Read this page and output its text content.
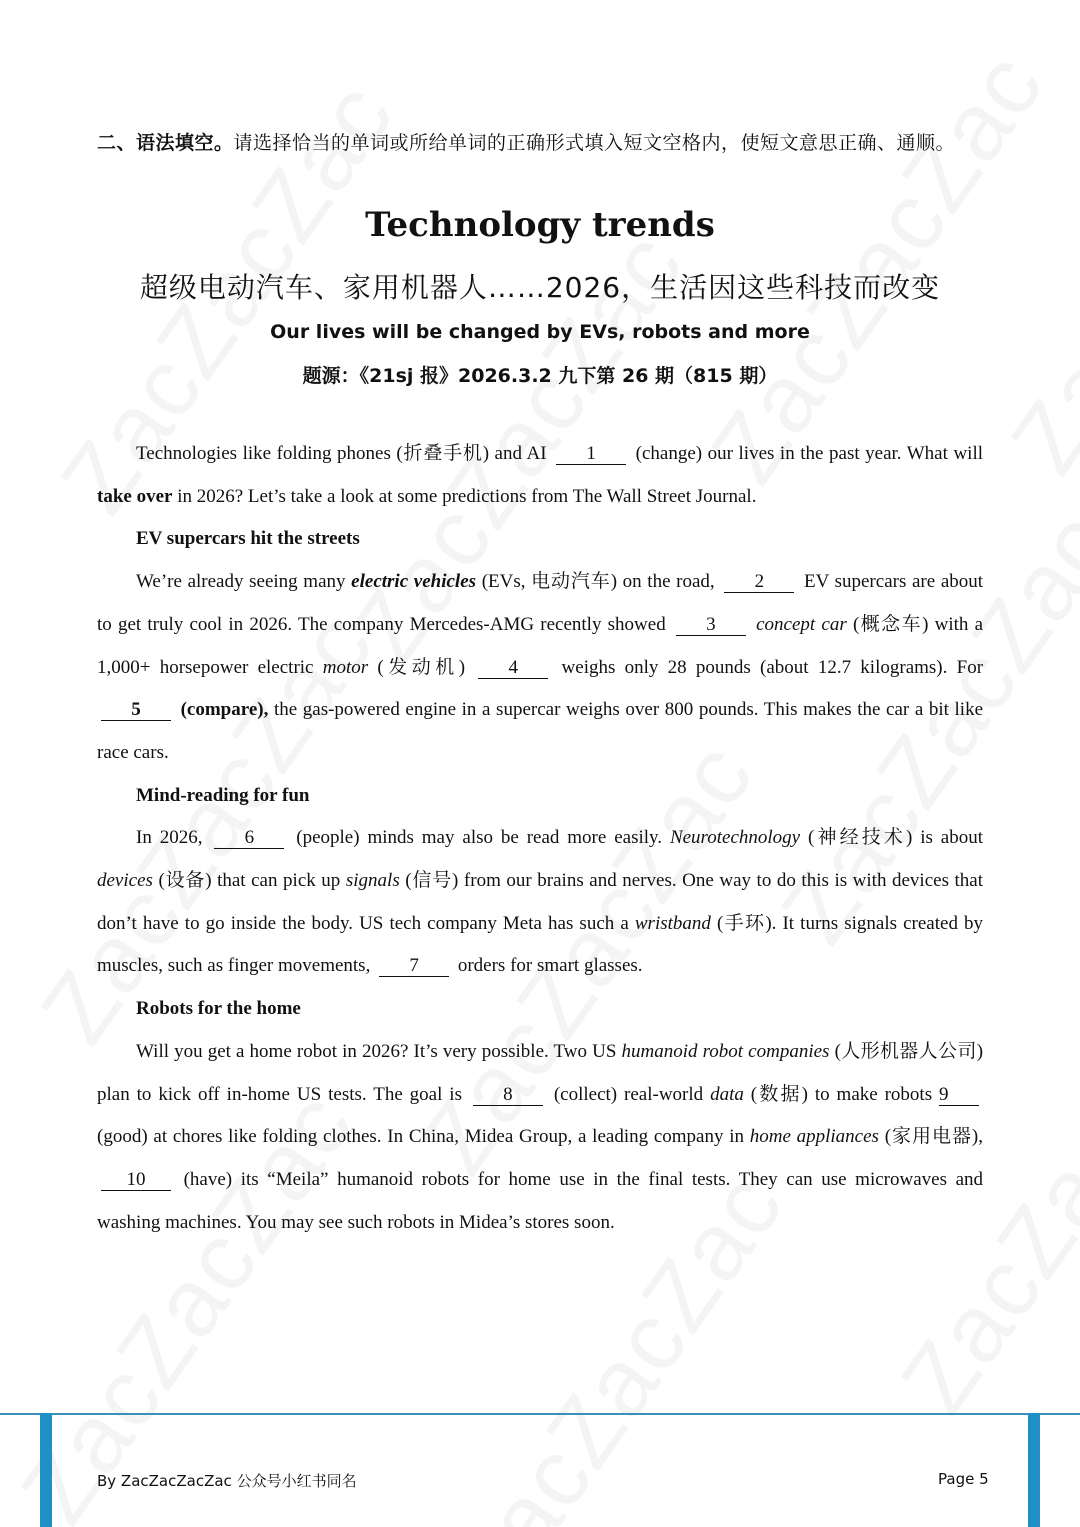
二、语法填空。请选择恰当的单词或所给单词的正确形式填入短文空格内，使短文意思正确、通顺。
Technology trends
超级电动汽车、家用机器人……2026，生活因这些科技而改变
Our lives will be changed by EVs, robots and more
题源：《21sj 报》2026.3.2 九下第 26 期（815 期）

Technologies like folding phones (折叠手机) and AI 1 (change) our lives in the past year. What will take over in 2026? Let’s take a look at some predictions from The Wall Street Journal.

EV supercars hit the streets

We’re already seeing many electric vehicles (EVs, 电动汽车) on the road, 2 EV supercars are about to get truly cool in 2026. The company Mercedes-AMG recently showed 3 concept car (概念车) with a 1,000+ horsepower electric motor (发动机) 4 weighs only 28 pounds (about 12.7 kilograms). For 5 (compare), the gas-powered engine in a supercar weighs over 800 pounds. This makes the car a bit like race cars.

Mind-reading for fun

In 2026, 6 (people) minds may also be read more easily. Neurotechnology (神经技术) is about devices (设备) that can pick up signals (信号) from our brains and nerves. One way to do this is with devices that don’t have to go inside the body. US tech company Meta has such a wristband (手环). It turns signals created by muscles, such as finger movements, 7 orders for smart glasses.

Robots for the home

Will you get a home robot in 2026? It’s very possible. Two US humanoid robot companies (人形机器人公司) plan to kick off in-home US tests. The goal is 8 (collect) real-world data (数据) to make robots 9 (good) at chores like folding clothes. In China, Midea Group, a leading company in home appliances (家用电器), 10 (have) its “Meila” humanoid robots for home use in the final tests. They can use microwaves and washing machines. You may see such robots in Midea’s stores soon.

By ZacZacZacZac 公众号小红书同名	Page 5
